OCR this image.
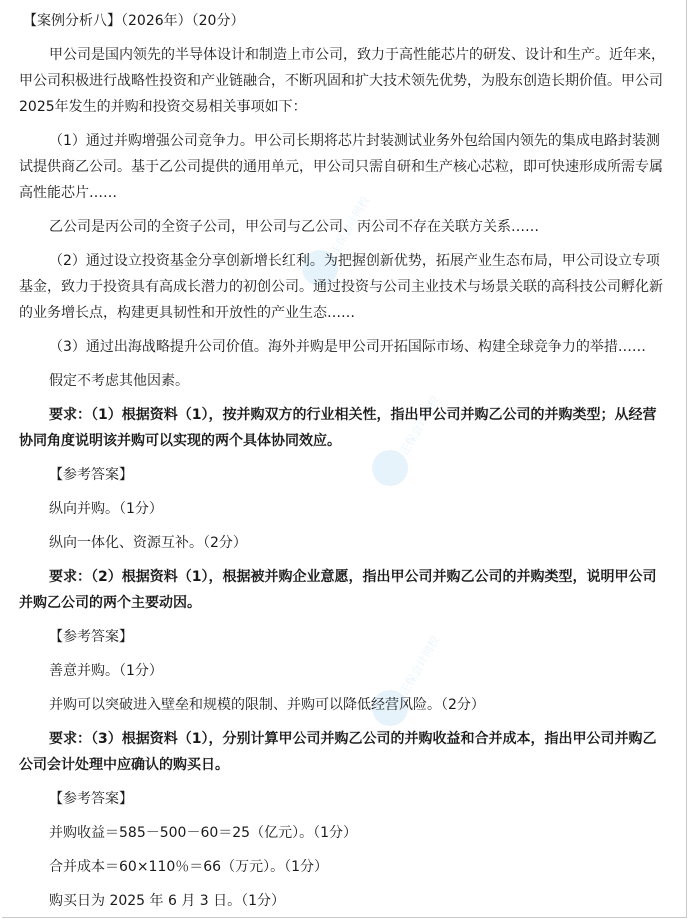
正保会计网校
正保会计网校
正保会计网校

【案例分析八】（2026年）（20分）

甲公司是国内领先的半导体设计和制造上市公司，致力于高性能芯片的研发、设计和生产。近年来，甲公司积极进行战略性投资和产业链融合，不断巩固和扩大技术领先优势，为股东创造长期价值。甲公司2025年发生的并购和投资交易相关事项如下：

（1）通过并购增强公司竞争力。甲公司长期将芯片封装测试业务外包给国内领先的集成电路封装测试提供商乙公司。基于乙公司提供的通用单元，甲公司只需自研和生产核心芯粒，即可快速形成所需专属高性能芯片……

乙公司是丙公司的全资子公司，甲公司与乙公司、丙公司不存在关联方关系……

（2）通过设立投资基金分享创新增长红利。为把握创新优势，拓展产业生态布局，甲公司设立专项基金，致力于投资具有高成长潜力的初创公司。通过投资与公司主业技术与场景关联的高科技公司孵化新的业务增长点，构建更具韧性和开放性的产业生态……

（3）通过出海战略提升公司价值。海外并购是甲公司开拓国际市场、构建全球竞争力的举措……

假定不考虑其他因素。

要求：（1）根据资料（1），按并购双方的行业相关性，指出甲公司并购乙公司的并购类型；从经营协同角度说明该并购可以实现的两个具体协同效应。

【参考答案】

纵向并购。（1分）

纵向一体化、资源互补。（2分）

要求：（2）根据资料（1），根据被并购企业意愿，指出甲公司并购乙公司的并购类型，说明甲公司并购乙公司的两个主要动因。

【参考答案】

善意并购。（1分）

并购可以突破进入壁垒和规模的限制、并购可以降低经营风险。（2分）

要求：（3）根据资料（1），分别计算甲公司并购乙公司的并购收益和合并成本，指出甲公司并购乙公司会计处理中应确认的购买日。

【参考答案】

并购收益＝585－500－60＝25（亿元）。（1分）

合并成本＝60×110％＝66（万元）。（1分）

购买日为 2025 年 6 月 3 日。（1分）
